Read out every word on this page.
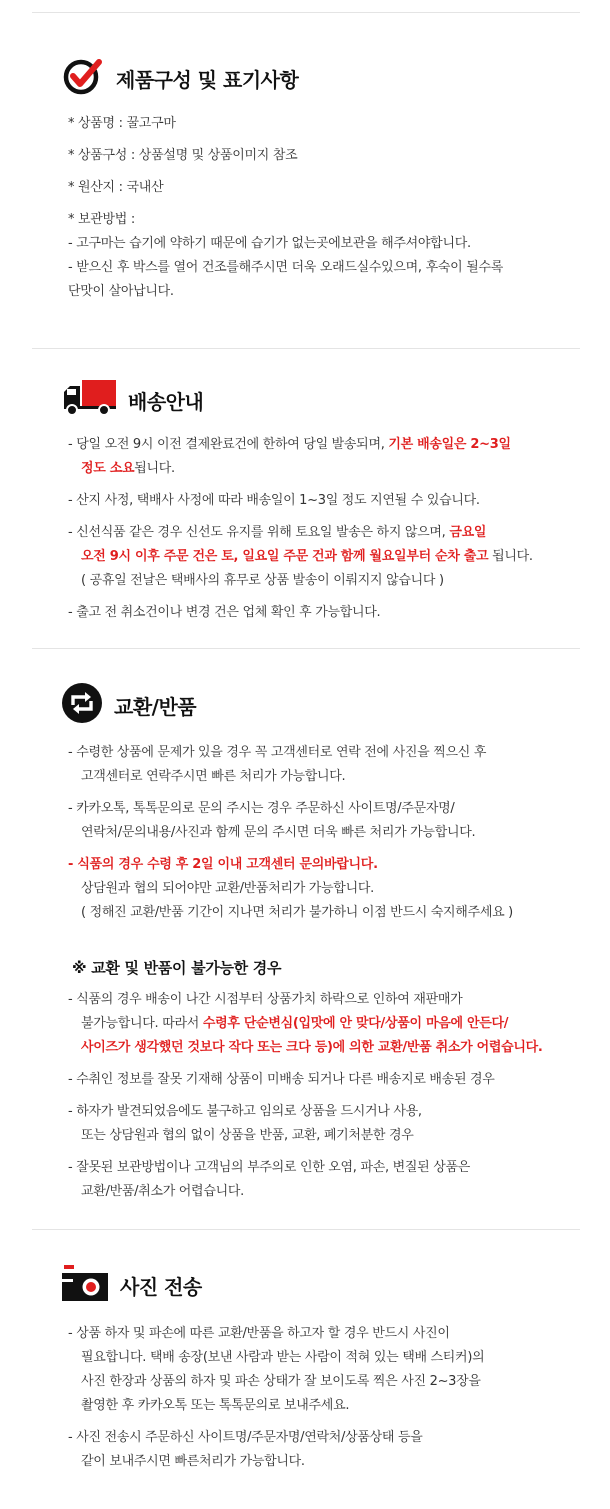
제품구성 및 표기사항
* 상품명 : 꿀고구마
* 상품구성 : 상품설명 및 상품이미지 참조
* 원산지 : 국내산
* 보관방법 :
- 고구마는 습기에 약하기 때문에 습기가 없는곳에보관을 해주셔야합니다.
- 받으신 후 박스를 열어 건조를해주시면 더욱 오래드실수있으며, 후숙이 될수록
단맛이 살아납니다.
배송안내
- 당일 오전 9시 이전 결제완료건에 한하여 당일 발송되며, 기본 배송일은 2~3일
정도 소요됩니다.
- 산지 사정, 택배사 사정에 따라 배송일이 1~3일 정도 지연될 수 있습니다.
- 신선식품 같은 경우 신선도 유지를 위해 토요일 발송은 하지 않으며, 금요일
오전 9시 이후 주문 건은 토, 일요일 주문 건과 함께 월요일부터 순차 출고 됩니다.
( 공휴일 전날은 택배사의 휴무로 상품 발송이 이뤄지지 않습니다 )
- 출고 전 취소건이나 변경 건은 업체 확인 후 가능합니다.
교환/반품
- 수령한 상품에 문제가 있을 경우 꼭 고객센터로 연락 전에 사진을 찍으신 후
고객센터로 연락주시면 빠른 처리가 가능합니다.
- 카카오톡, 톡톡문의로 문의 주시는 경우 주문하신 사이트명/주문자명/
연락처/문의내용/사진과 함께 문의 주시면 더욱 빠른 처리가 가능합니다.
- 식품의 경우 수령 후 2일 이내 고객센터 문의바랍니다.
상담원과 협의 되어야만 교환/반품처리가 가능합니다.
( 정해진 교환/반품 기간이 지나면 처리가 불가하니 이점 반드시 숙지해주세요 )
※ 교환 및 반품이 불가능한 경우
- 식품의 경우 배송이 나간 시점부터 상품가치 하락으로 인하여 재판매가
불가능합니다. 따라서 수령후 단순변심(입맛에 안 맞다/상품이 마음에 안든다/
사이즈가 생각했던 것보다 작다 또는 크다 등)에 의한 교환/반품 취소가 어렵습니다.
- 수취인 정보를 잘못 기재해 상품이 미배송 되거나 다른 배송지로 배송된 경우
- 하자가 발견되었음에도 불구하고 임의로 상품을 드시거나 사용,
또는 상담원과 협의 없이 상품을 반품, 교환, 폐기처분한 경우
- 잘못된 보관방법이나 고객님의 부주의로 인한 오염, 파손, 변질된 상품은
교환/반품/취소가 어렵습니다.
사진 전송
- 상품 하자 및 파손에 따른 교환/반품을 하고자 할 경우 반드시 사진이
필요합니다. 택배 송장(보낸 사람과 받는 사람이 적혀 있는 택배 스티커)의
사진 한장과 상품의 하자 및 파손 상태가 잘 보이도록 찍은 사진 2~3장을
촬영한 후 카카오톡 또는 톡톡문의로 보내주세요.
- 사진 전송시 주문하신 사이트명/주문자명/연락처/상품상태 등을
같이 보내주시면 빠른처리가 가능합니다.
